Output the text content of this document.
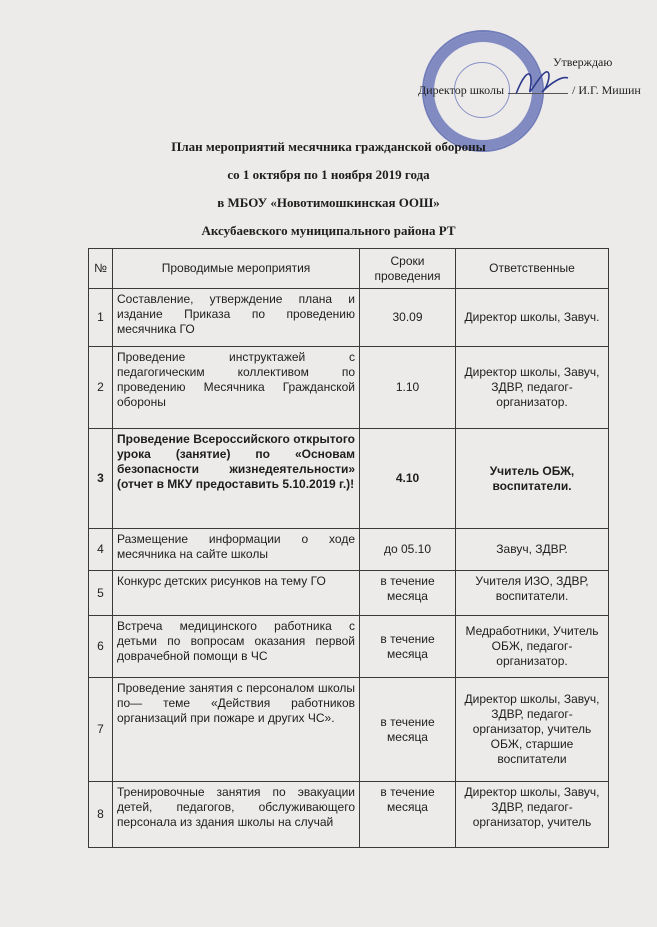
Утверждаю
Директор школы	/ И.Г. Мишин
План мероприятий месячника гражданской обороны
со 1 октября по 1 ноября 2019 года
в МБОУ «Новотимошкинская ООШ»
Аксубаевского муниципального района РТ
№	Проводимые мероприятия	Сроки проведения	Ответственные
1	Составление, утверждение плана и издание Приказа по проведению месячника ГО	30.09	Директор школы, Завуч.
2	Проведение инструктажей с педагогическим коллективом по проведению Месячника Гражданской обороны	1.10	Директор школы, Завуч, ЗДВР, педагог-организатор.
3	Проведение Всероссийского открытого урока (занятие) по «Основам безопасности жизнедеятельности» (отчет в МКУ предоставить 5.10.2019 г.)!	4.10	Учитель ОБЖ, воспитатели.
4	Размещение информации о ходе месячника на сайте школы	до 05.10	Завуч, ЗДВР.
5	Конкурс детских рисунков на тему ГО	в течение месяца	Учителя ИЗО, ЗДВР, воспитатели.
6	Встреча медицинского работника с детьми по вопросам оказания первой доврачебной помощи в ЧС	в течение месяца	Медработники, Учитель ОБЖ, педагог-организатор.
7	Проведение занятия с персоналом школы по— теме «Действия работников организаций при пожаре и других ЧС».	в течение месяца	Директор школы, Завуч, ЗДВР, педагог-организатор, учитель ОБЖ, старшие воспитатели
8	Тренировочные занятия по эвакуации детей, педагогов, обслуживающего персонала из здания школы на случай	в течение месяца	Директор школы, Завуч, ЗДВР, педагог-организатор, учитель
